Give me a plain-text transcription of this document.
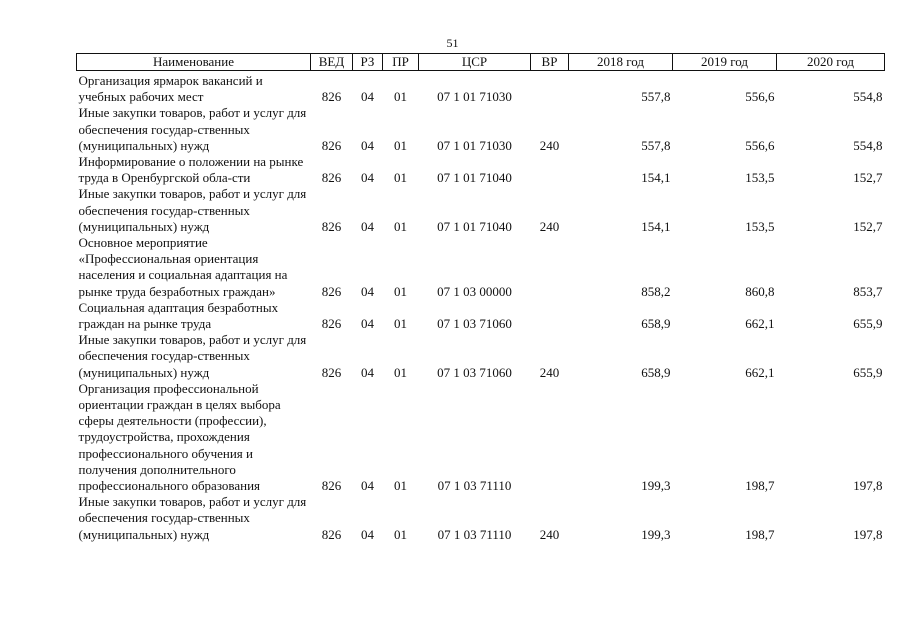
51
Наименование	ВЕД	РЗ	ПР	ЦСР	ВР	2018 год	2019 год	2020 год

Организация ярмарок вакансий и учебных рабочих мест	826	04	01	07 1 01 71030		557,8	556,6	554,8
Иные закупки товаров, работ и услуг для обеспечения государ-ственных (муниципальных) нужд	826	04	01	07 1 01 71030	240	557,8	556,6	554,8
Информирование о положении на рынке труда в Оренбургской обла-сти	826	04	01	07 1 01 71040		154,1	153,5	152,7
Иные закупки товаров, работ и услуг для обеспечения государ-ственных (муниципальных) нужд	826	04	01	07 1 01 71040	240	154,1	153,5	152,7
Основное мероприятие «Профессиональная ориентация населения и социальная адаптация на рынке труда безработных граждан»	826	04	01	07 1 03 00000		858,2	860,8	853,7
Социальная адаптация безработных граждан на рынке труда	826	04	01	07 1 03 71060		658,9	662,1	655,9
Иные закупки товаров, работ и услуг для обеспечения государ-ственных (муниципальных) нужд	826	04	01	07 1 03 71060	240	658,9	662,1	655,9
Организация профессиональной ориентации граждан в целях выбора сферы деятельности (профессии), трудоустройства, прохождения профессионального обучения и получения дополнительного профессионального образования	826	04	01	07 1 03 71110		199,3	198,7	197,8
Иные закупки товаров, работ и услуг для обеспечения государ-ственных (муниципальных) нужд	826	04	01	07 1 03 71110	240	199,3	198,7	197,8
